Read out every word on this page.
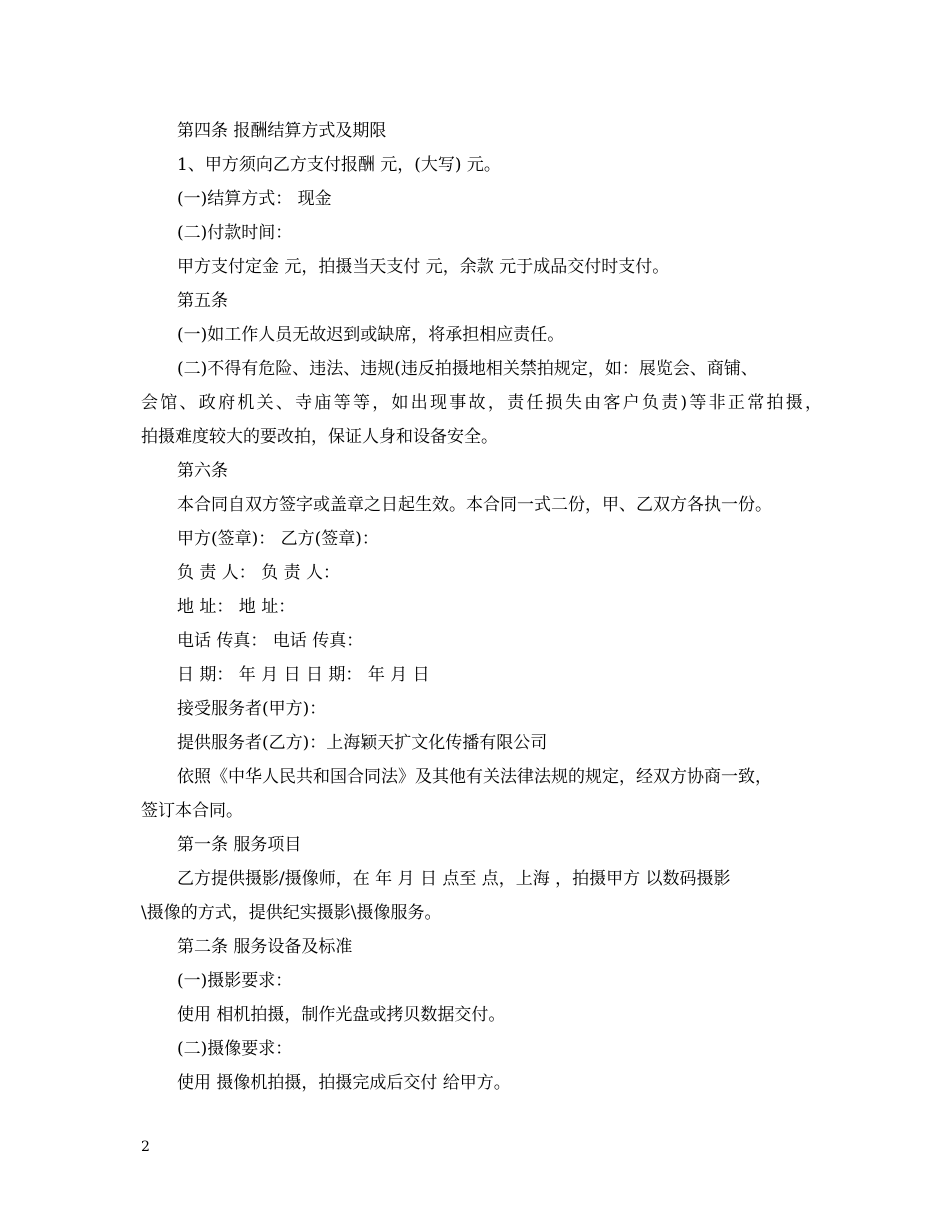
第四条 报酬结算方式及期限
1、甲方须向乙方支付报酬 元，(大写) 元。
(一)结算方式： 现金
(二)付款时间：
甲方支付定金 元，拍摄当天支付 元，余款 元于成品交付时支付。
第五条
(一)如工作人员无故迟到或缺席，将承担相应责任。
(二)不得有危险、违法、违规(违反拍摄地相关禁拍规定，如：展览会、商铺、
会馆、政府机关、寺庙等等，如出现事故，责任损失由客户负责)等非正常拍摄，
拍摄难度较大的要改拍，保证人身和设备安全。
第六条
本合同自双方签字或盖章之日起生效。本合同一式二份，甲、乙双方各执一份。
甲方(签章)： 乙方(签章)：
负 责 人： 负 责 人：
地 址： 地 址：
电话 传真： 电话 传真：
日 期： 年 月 日 日 期： 年 月 日
接受服务者(甲方)：
提供服务者(乙方)：上海颖天扩文化传播有限公司
依照《中华人民共和国合同法》及其他有关法律法规的规定，经双方协商一致，
签订本合同。
第一条 服务项目
乙方提供摄影/摄像师，在 年 月 日 点至 点，上海 ，拍摄甲方 以数码摄影
\摄像的方式，提供纪实摄影\摄像服务。
第二条 服务设备及标准
(一)摄影要求：
使用 相机拍摄，制作光盘或拷贝数据交付。
(二)摄像要求：
使用 摄像机拍摄，拍摄完成后交付 给甲方。
2
